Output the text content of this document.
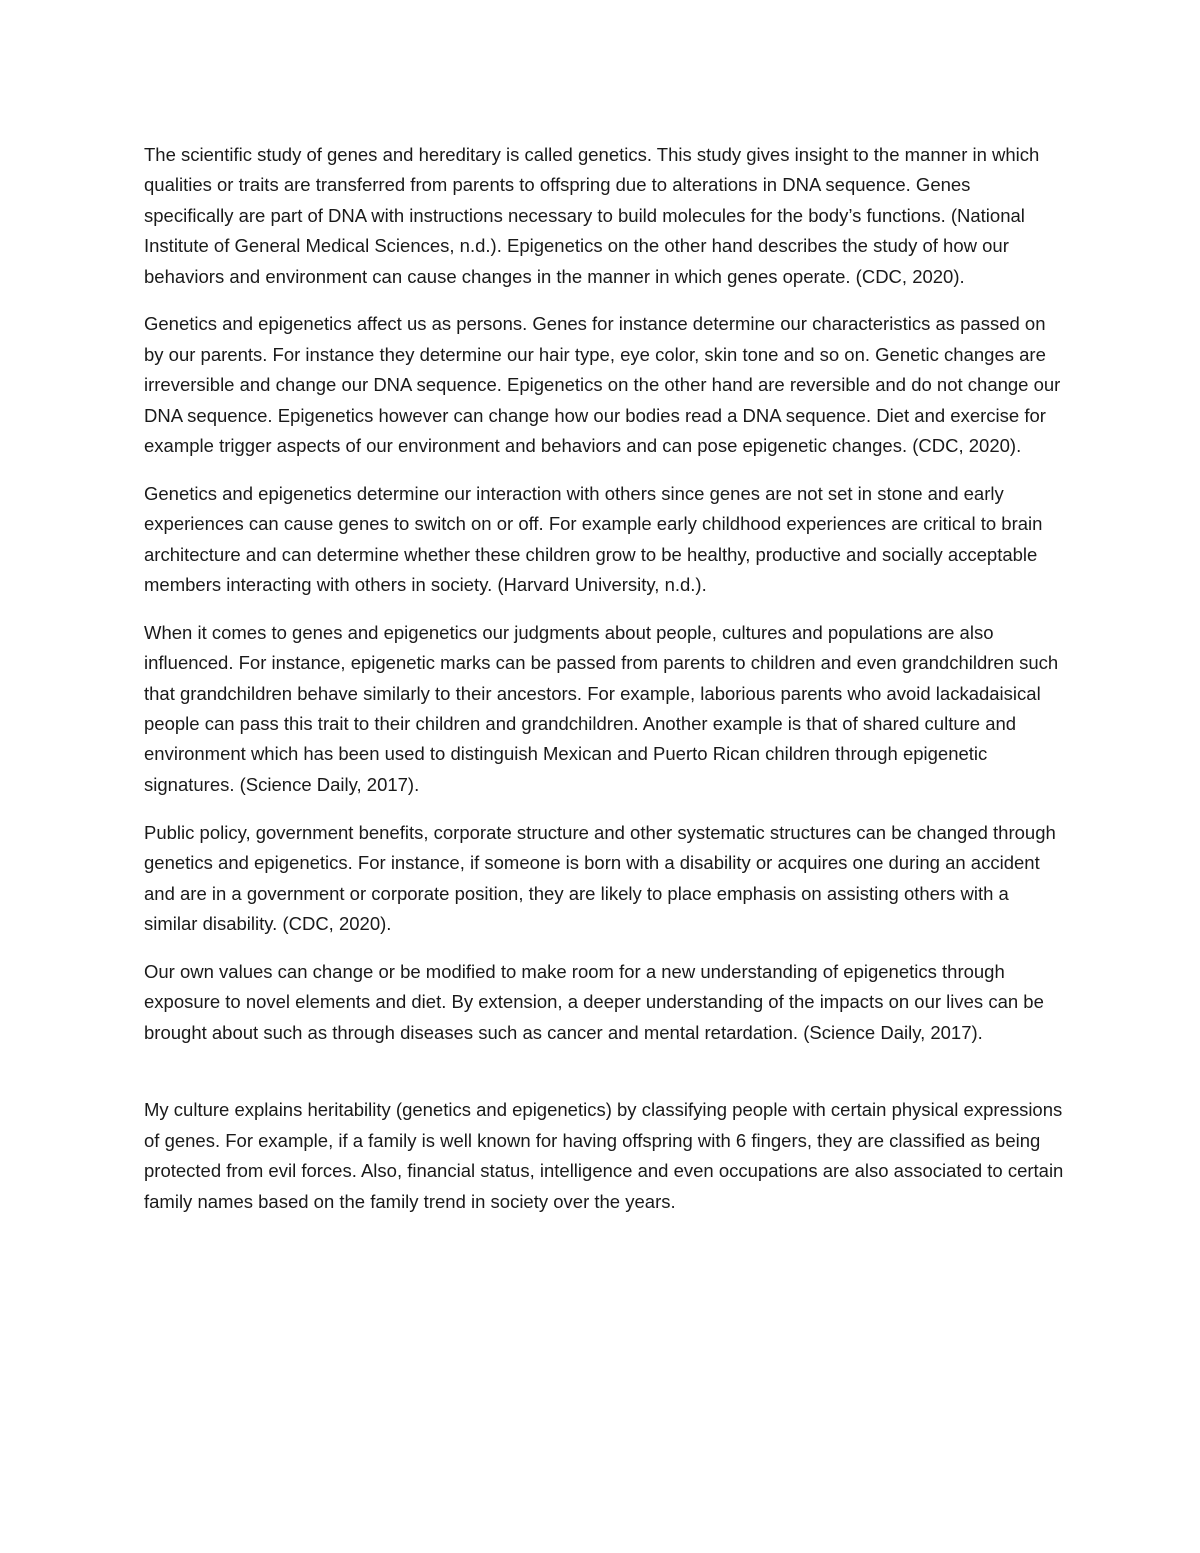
The scientific study of genes and hereditary is called genetics. This study gives insight to the manner in which qualities or traits are transferred from parents to offspring due to alterations in DNA sequence. Genes specifically are part of DNA with instructions necessary to build molecules for the body’s functions. (National Institute of General Medical Sciences, n.d.). Epigenetics on the other hand describes the study of how our behaviors and environment can cause changes in the manner in which genes operate. (CDC, 2020).

Genetics and epigenetics affect us as persons. Genes for instance determine our characteristics as passed on by our parents. For instance they determine our hair type, eye color, skin tone and so on. Genetic changes are irreversible and change our DNA sequence. Epigenetics on the other hand are reversible and do not change our DNA sequence. Epigenetics however can change how our bodies read a DNA sequence. Diet and exercise for example trigger aspects of our environment and behaviors and can pose epigenetic changes. (CDC, 2020).

Genetics and epigenetics determine our interaction with others since genes are not set in stone and early experiences can cause genes to switch on or off. For example early childhood experiences are critical to brain architecture and can determine whether these children grow to be healthy, productive and socially acceptable members interacting with others in society. (Harvard University, n.d.).

When it comes to genes and epigenetics our judgments about people, cultures and populations are also influenced. For instance, epigenetic marks can be passed from parents to children and even grandchildren such that grandchildren behave similarly to their ancestors. For example, laborious parents who avoid lackadaisical people can pass this trait to their children and grandchildren. Another example is that of shared culture and environment which has been used to distinguish Mexican and Puerto Rican children through epigenetic signatures. (Science Daily, 2017).

Public policy, government benefits, corporate structure and other systematic structures can be changed through genetics and epigenetics. For instance, if someone is born with a disability or acquires one during an accident and are in a government or corporate position, they are likely to place emphasis on assisting others with a similar disability. (CDC, 2020).

Our own values can change or be modified to make room for a new understanding of epigenetics through exposure to novel elements and diet. By extension, a deeper understanding of the impacts on our lives can be brought about such as through diseases such as cancer and mental retardation. (Science Daily, 2017).

My culture explains heritability (genetics and epigenetics) by classifying people with certain physical expressions of genes. For example, if a family is well known for having offspring with 6 fingers, they are classified as being protected from evil forces. Also, financial status, intelligence and even occupations are also associated to certain family names based on the family trend in society over the years.
